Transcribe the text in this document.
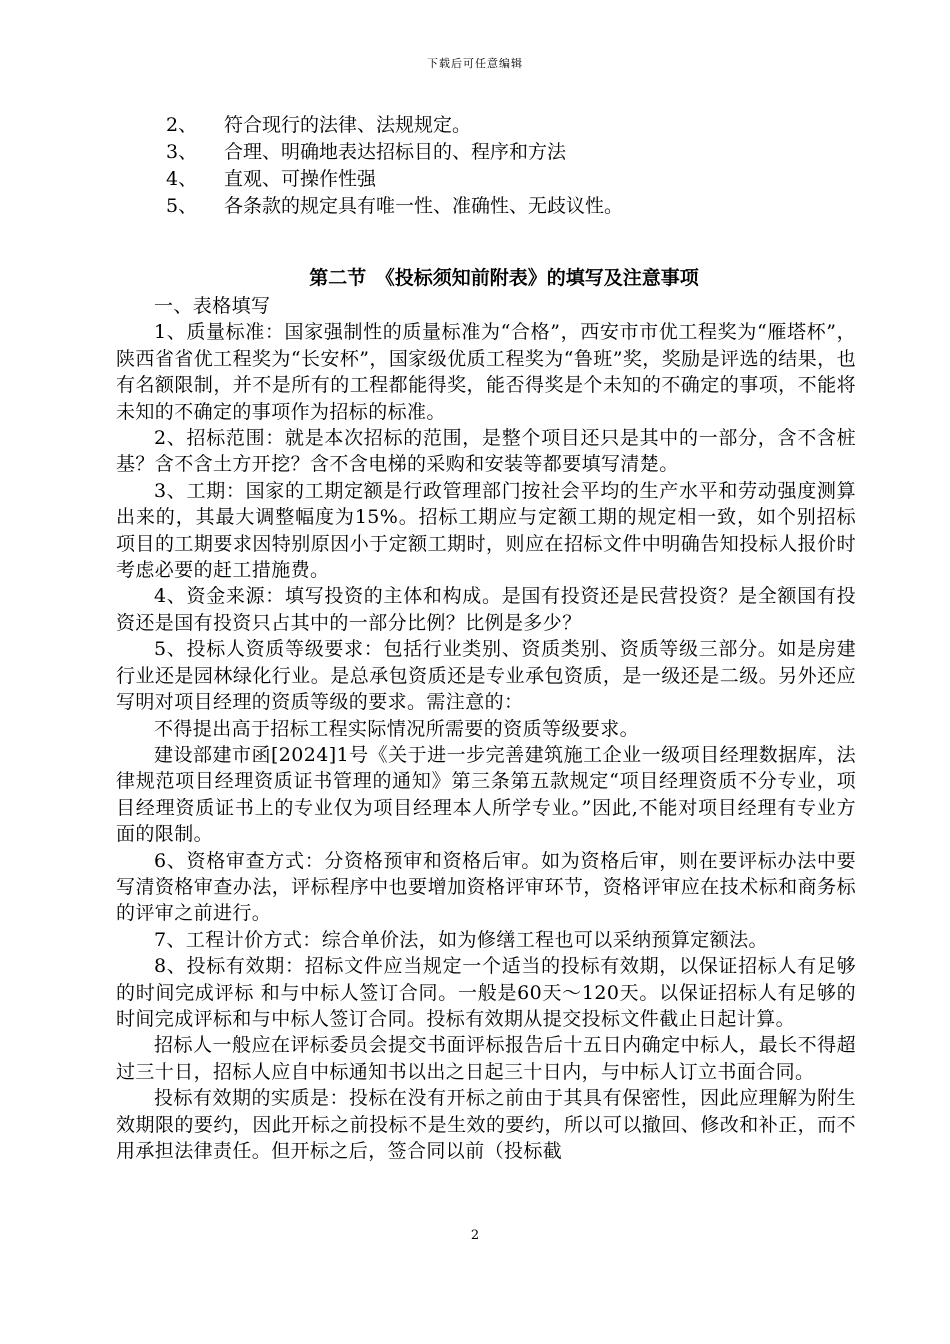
下载后可任意编辑
2、 符合现行的法律、法规规定。
3、 合理、明确地表达招标目的、程序和方法
4、 直观、可操作性强
5、 各条款的规定具有唯一性、准确性、无歧议性。
第二节　《投标须知前附表》的填写及注意事项

一、表格填写

1、质量标准：国家强制性的质量标准为“合格”，西安市市优工程奖为“雁塔杯”，陕西省省优工程奖为“长安杯”，国家级优质工程奖为“鲁班”奖，奖励是评选的结果，也有名额限制，并不是所有的工程都能得奖，能否得奖是个未知的不确定的事项，不能将未知的不确定的事项作为招标的标准。

2、招标范围：就是本次招标的范围，是整个项目还只是其中的一部分，含不含桩基？含不含土方开挖？含不含电梯的采购和安装等都要填写清楚。

3、工期：国家的工期定额是行政管理部门按社会平均的生产水平和劳动强度测算出来的，其最大调整幅度为15%。招标工期应与定额工期的规定相一致，如个别招标项目的工期要求因特别原因小于定额工期时，则应在招标文件中明确告知投标人报价时考虑必要的赶工措施费。

4、资金来源：填写投资的主体和构成。是国有投资还是民营投资？是全额国有投资还是国有投资只占其中的一部分比例？比例是多少？

5、投标人资质等级要求：包括行业类别、资质类别、资质等级三部分。如是房建行业还是园林绿化行业。是总承包资质还是专业承包资质，是一级还是二级。另外还应写明对项目经理的资质等级的要求。需注意的：

不得提出高于招标工程实际情况所需要的资质等级要求。

建设部建市函[2024]1号《关于进一步完善建筑施工企业一级项目经理数据库，法律规范项目经理资质证书管理的通知》第三条第五款规定“项目经理资质不分专业，项目经理资质证书上的专业仅为项目经理本人所学专业。”因此,不能对项目经理有专业方面的限制。

6、资格审查方式：分资格预审和资格后审。如为资格后审，则在要评标办法中要写清资格审查办法，评标程序中也要增加资格评审环节，资格评审应在技术标和商务标的评审之前进行。

7、工程计价方式：综合单价法，如为修缮工程也可以采纳预算定额法。

8、投标有效期：招标文件应当规定一个适当的投标有效期，以保证招标人有足够的时间完成评标 和与中标人签订合同。一般是60天～120天。以保证招标人有足够的时间完成评标和与中标人签订合同。投标有效期从提交投标文件截止日起计算。

招标人一般应在评标委员会提交书面评标报告后十五日内确定中标人，最长不得超过三十日，招标人应自中标通知书以出之日起三十日内，与中标人订立书面合同。

投标有效期的实质是：投标在没有开标之前由于其具有保密性，因此应理解为附生效期限的要约，因此开标之前投标不是生效的要约，所以可以撤回、修改和补正，而不用承担法律责任。但开标之后，签合同以前（投标截

2
